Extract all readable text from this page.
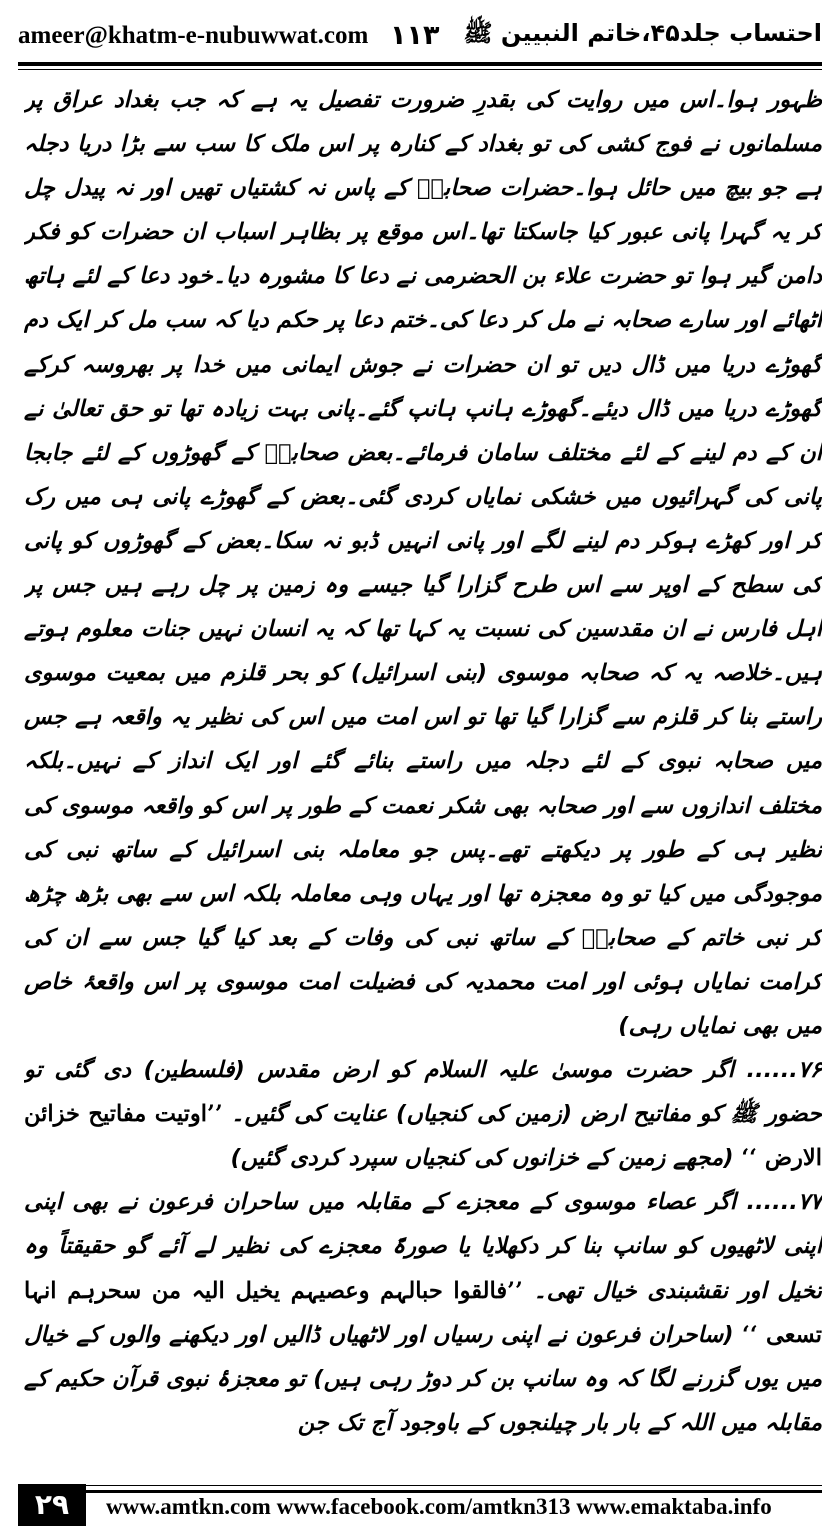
ameer@khatm-e-nubuwwat.com ۱۱۳ احتساب جلد۴۵،خاتم النبیین ﷺ

ظہور ہوا۔اس میں روایت کی بقدرِ ضرورت تفصیل یہ ہے کہ جب بغداد عراق پر مسلمانوں نے فوج کشی کی تو بغداد کے کنارہ پر اس ملک کا سب سے بڑا دریا دجلہ ہے جو بیچ میں حائل ہوا۔حضرات صحابہؓ کے پاس نہ کشتیاں تھیں اور نہ پیدل چل کر یہ گہرا پانی عبور کیا جاسکتا تھا۔اس موقع پر بظاہر اسباب ان حضرات کو فکر دامن گیر ہوا تو حضرت علاء بن الحضرمی نے دعا کا مشورہ دیا۔خود دعا کے لئے ہاتھ اٹھائے اور سارے صحابہ نے مل کر دعا کی۔ختم دعا پر حکم دیا کہ سب مل کر ایک دم گھوڑے دریا میں ڈال دیں تو ان حضرات نے جوش ایمانی میں خدا پر بھروسہ کرکے گھوڑے دریا میں ڈال دیئے۔گھوڑے ہانپ ہانپ گئے۔پانی بہت زیادہ تھا تو حق تعالیٰ نے ان کے دم لینے کے لئے مختلف سامان فرمائے۔بعض صحابہؓ کے گھوڑوں کے لئے جابجا پانی کی گہرائیوں میں خشکی نمایاں کردی گئی۔بعض کے گھوڑے پانی ہی میں رک کر اور کھڑے ہوکر دم لینے لگے اور پانی انہیں ڈبو نہ سکا۔بعض کے گھوڑوں کو پانی کی سطح کے اوپر سے اس طرح گزارا گیا جیسے وہ زمین پر چل رہے ہیں جس پر اہل فارس نے ان مقدسین کی نسبت یہ کہا تھا کہ یہ انسان نہیں جنات معلوم ہوتے ہیں۔خلاصہ یہ کہ صحابہ موسوی (بنی اسرائیل) کو بحر قلزم میں بمعیت موسوی راستے بنا کر قلزم سے گزارا گیا تھا تو اس امت میں اس کی نظیر یہ واقعہ ہے جس میں صحابہ نبوی کے لئے دجلہ میں راستے بنائے گئے اور ایک انداز کے نہیں۔بلکہ مختلف اندازوں سے اور صحابہ بھی شکر نعمت کے طور پر اس کو واقعہ موسوی کی نظیر ہی کے طور پر دیکھتے تھے۔پس جو معاملہ بنی اسرائیل کے ساتھ نبی کی موجودگی میں کیا تو وہ معجزہ تھا اور یہاں وہی معاملہ بلکہ اس سے بھی بڑھ چڑھ کر نبی خاتم کے صحابہؓ کے ساتھ نبی کی وفات کے بعد کیا گیا جس سے ان کی کرامت نمایاں ہوئی اور امت محمدیہ کی فضیلت امت موسوی پر اس واقعۂ خاص میں بھی نمایاں رہی)

۷۶...... اگر حضرت موسیٰ علیہ السلام کو ارض مقدس (فلسطین) دی گئی تو حضور ﷺ کو مفاتیح ارض (زمین کی کنجیاں) عنایت کی گئیں۔ ’’اوتیت مفاتیح خزائن الارض ‘‘ (مجھے زمین کے خزانوں کی کنجیاں سپرد کردی گئیں)

۷۷...... اگر عصاء موسوی کے معجزے کے مقابلہ میں ساحران فرعون نے بھی اپنی اپنی لاٹھیوں کو سانپ بنا کر دکھلایا یا صورۃً معجزے کی نظیر لے آئے گو حقیقتاً وہ تخیل اور نقشبندی خیال تھی۔ ’’فالقوا حبالہم وعصیہم یخیل الیہ من سحرہم انہا تسعی ‘‘ (ساحران فرعون نے اپنی رسیاں اور لاٹھیاں ڈالیں اور دیکھنے والوں کے خیال میں یوں گزرنے لگا کہ وہ سانپ بن کر دوڑ رہی ہیں) تو معجزۂ نبوی قرآن حکیم کے مقابلہ میں اللہ کے بار بار چیلنجوں کے باوجود آج تک جن

۲۹	www.amtkn.com www.facebook.com/amtkn313 www.emaktaba.info
